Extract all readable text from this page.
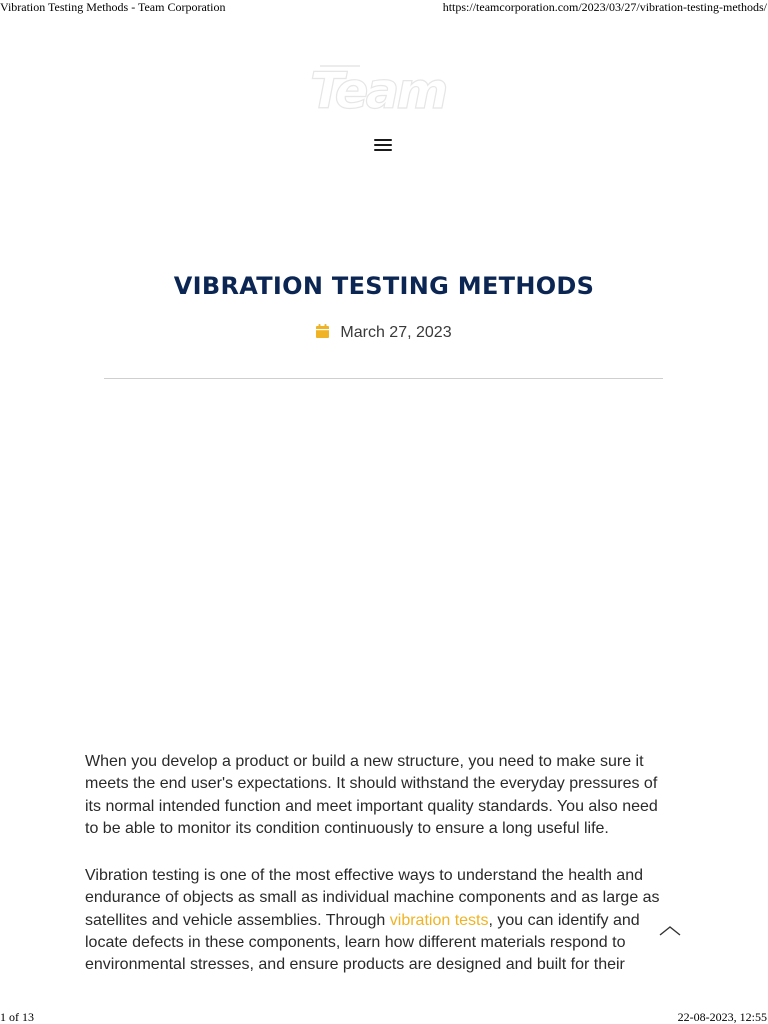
Vibration Testing Methods - Team Corporation	https://teamcorporation.com/2023/03/27/vibration-testing-methods/
Team
VIBRATION TESTING METHODS
March 27, 2023

When you develop a product or build a new structure, you need to make sure it meets the end user's expectations. It should withstand the everyday pressures of its normal intended function and meet important quality standards. You also need to be able to monitor its condition continuously to ensure a long useful life.

Vibration testing is one of the most effective ways to understand the health and endurance of objects as small as individual machine components and as large as satellites and vehicle assemblies. Through vibration tests, you can identify and locate defects in these components, learn how different materials respond to environmental stresses, and ensure products are designed and built for their

1 of 13	22-08-2023, 12:55
